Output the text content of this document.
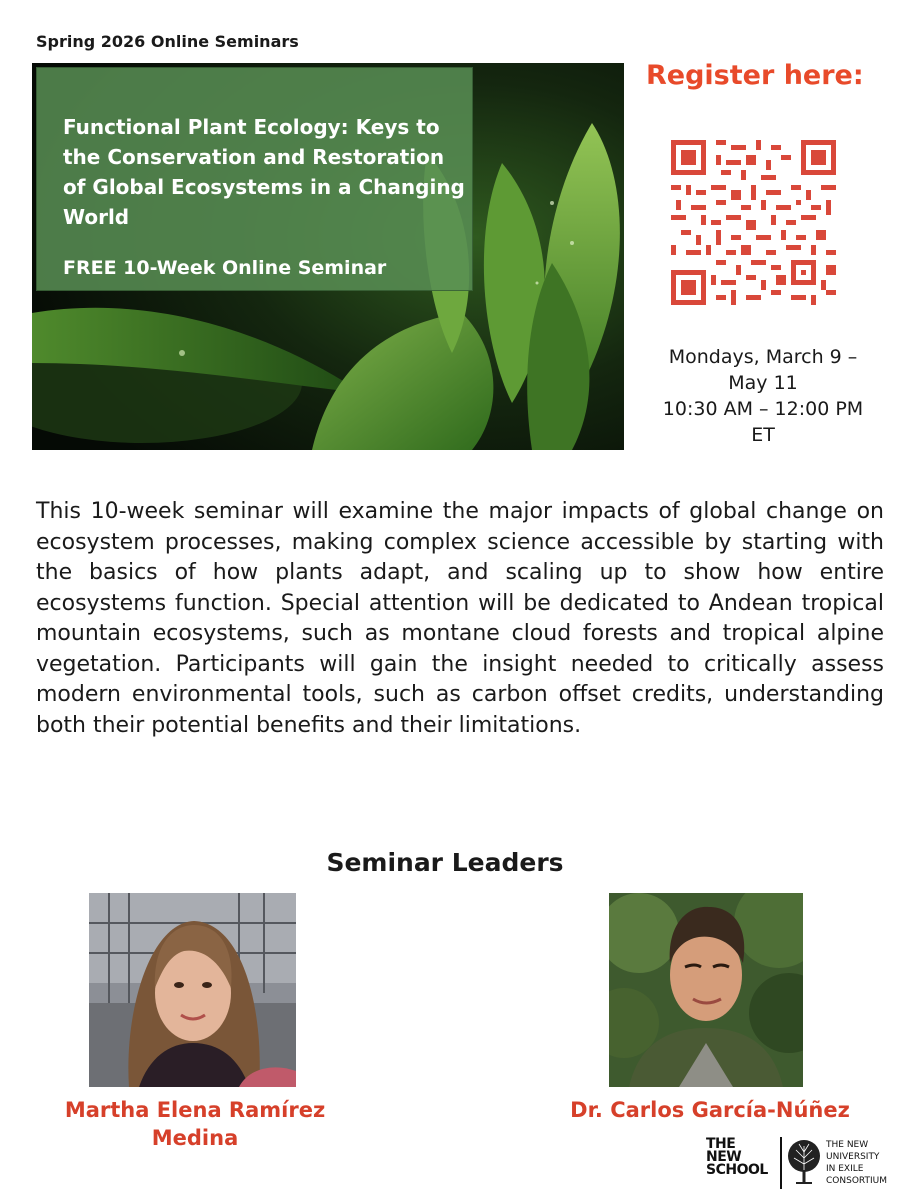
Spring 2026 Online Seminars
Functional Plant Ecology: Keys to the Conservation and Restoration of Global Ecosystems in a Changing World
FREE 10-Week Online Seminar
Register here:
Mondays, March 9 –
May 11
10:30 AM – 12:00 PM
ET
This 10-week seminar will examine the major impacts of global change on ecosystem processes, making complex science accessible by starting with the basics of how plants adapt, and scaling up to show how entire ecosystems function. Special attention will be dedicated to Andean tropical mountain ecosystems, such as montane cloud forests and tropical alpine vegetation. Participants will gain the insight needed to critically assess modern environmental tools, such as carbon offset credits, understanding both their potential benefits and their limitations.
Seminar Leaders
Martha Elena Ramírez
Medina
Dr. Carlos García-Núñez
THE
NEW
SCHOOL
THE NEW
UNIVERSITY
IN EXILE
CONSORTIUM
